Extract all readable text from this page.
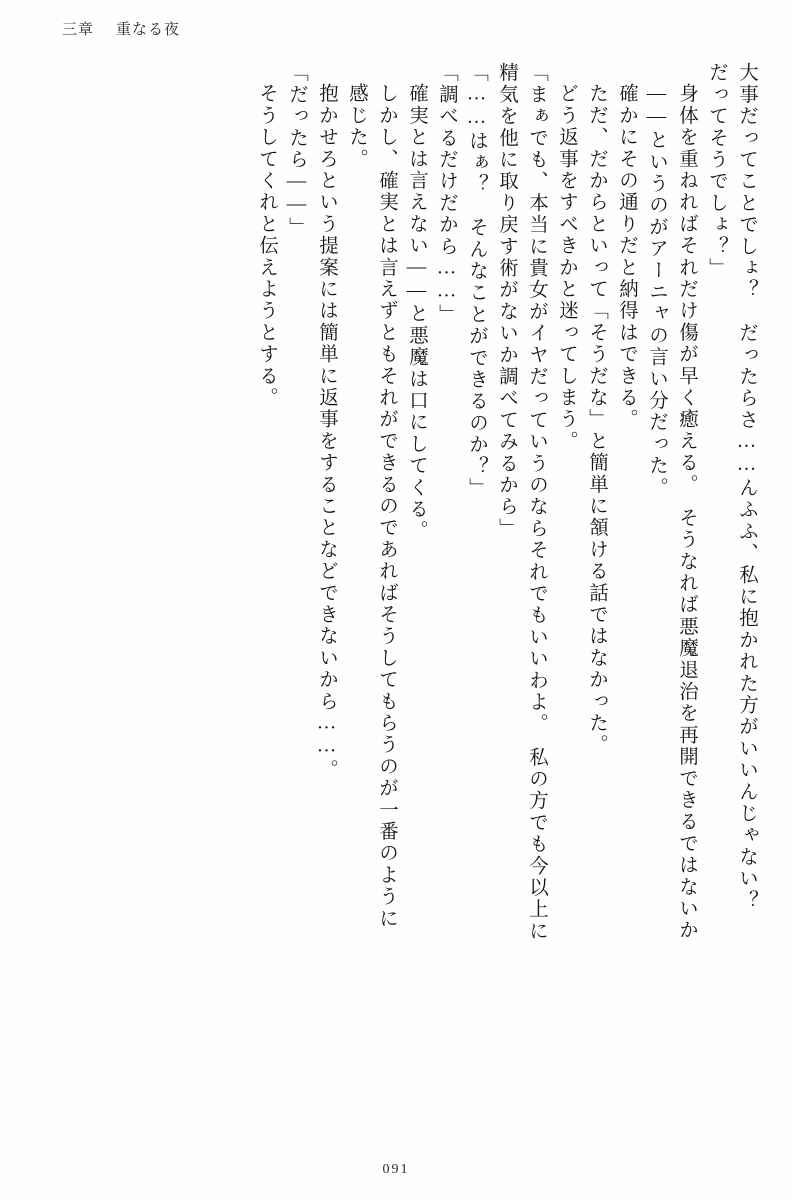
三章 重なる夜
大事だってことでしょ？　だったらさ……んふふ、私に抱かれた方がいいんじゃない？
だってそうでしょ？」
身体を重ねればそれだけ傷が早く癒える。　そうなれば悪魔退治を再開できるではないか
——というのがアーニャの言い分だった。
確かにその通りだと納得はできる。
ただ、だからといって「そうだな」と簡単に頷ける話ではなかった。
どう返事をすべきかと迷ってしまう。
「まぁでも、本当に貴女がイヤだっていうのならそれでもいいわよ。　私の方でも今以上に
精気を他に取り戻す術がないか調べてみるから」
「……はぁ？　そんなことができるのか？」
「調べるだけだから……」
確実とは言えない——と悪魔は口にしてくる。
しかし、確実とは言えずともそれができるのであればそうしてもらうのが一番のように
感じた。
抱かせろという提案には簡単に返事をすることなどできないから……。
「だったら——」
そうしてくれと伝えようとする。
091
